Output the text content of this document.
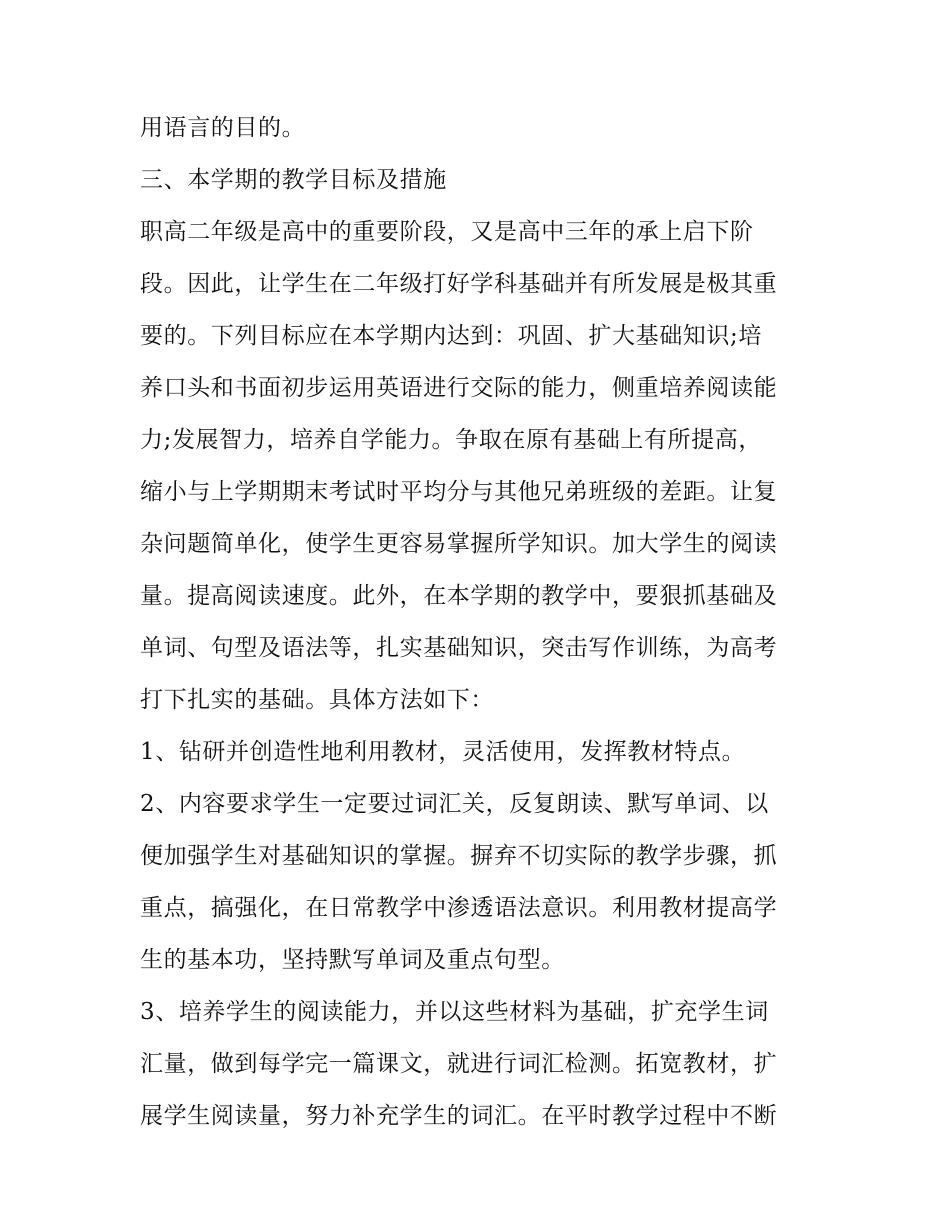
用语言的目的。
三、本学期的教学目标及措施
职高二年级是高中的重要阶段，又是高中三年的承上启下阶
段。因此，让学生在二年级打好学科基础并有所发展是极其重
要的。下列目标应在本学期内达到：巩固、扩大基础知识;培
养口头和书面初步运用英语进行交际的能力，侧重培养阅读能
力;发展智力，培养自学能力。争取在原有基础上有所提高，
缩小与上学期期末考试时平均分与其他兄弟班级的差距。让复
杂问题简单化，使学生更容易掌握所学知识。加大学生的阅读
量。提高阅读速度。此外，在本学期的教学中，要狠抓基础及
单词、句型及语法等，扎实基础知识，突击写作训练，为高考
打下扎实的基础。具体方法如下：
1、钻研并创造性地利用教材，灵活使用，发挥教材特点。
2、内容要求学生一定要过词汇关，反复朗读、默写单词、以
便加强学生对基础知识的掌握。摒弃不切实际的教学步骤，抓
重点，搞强化，在日常教学中渗透语法意识。利用教材提高学
生的基本功，坚持默写单词及重点句型。
3、培养学生的阅读能力，并以这些材料为基础，扩充学生词
汇量，做到每学完一篇课文，就进行词汇检测。拓宽教材，扩
展学生阅读量，努力补充学生的词汇。在平时教学过程中不断
